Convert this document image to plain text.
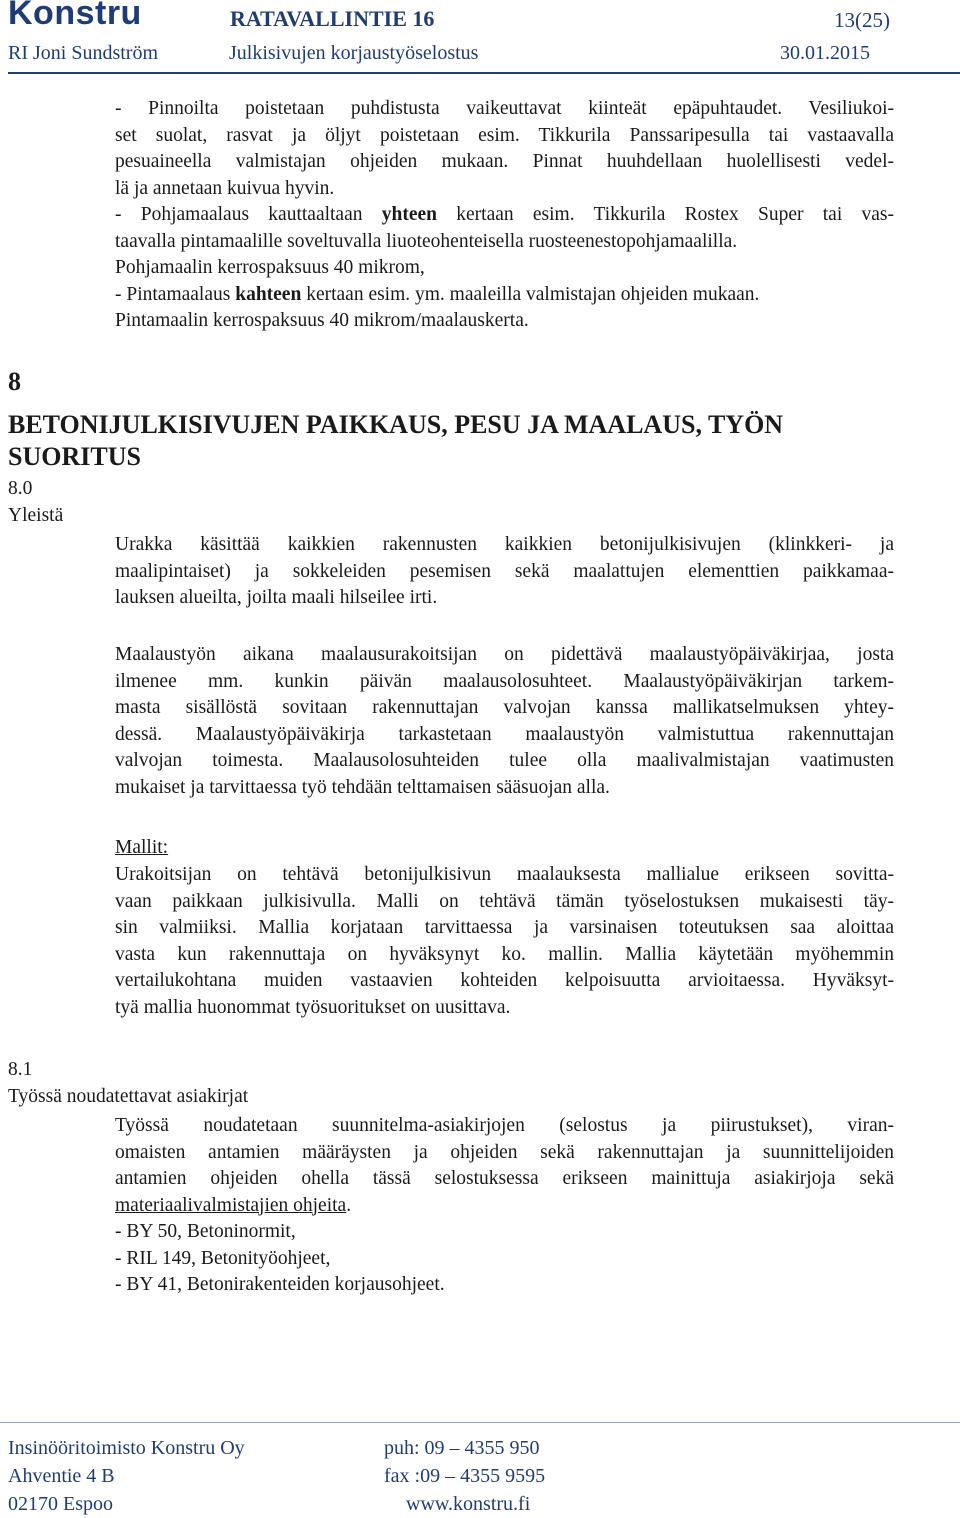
Konstru	RATAVALLINTIE 16	13(25)
RI Joni Sundström	Julkisivujen korjaustyöselostus	30.01.2015
- Pinnoilta poistetaan puhdistusta vaikeuttavat kiinteät epäpuhtaudet. Vesiliukoi-
set suolat, rasvat ja öljyt poistetaan esim. Tikkurila Panssaripesulla tai vastaavalla
pesuaineella valmistajan ohjeiden mukaan. Pinnat huuhdellaan huolellisesti vedel-
lä ja annetaan kuivua hyvin.
- Pohjamaalaus kauttaaltaan yhteen kertaan esim. Tikkurila Rostex Super tai vas-
taavalla pintamaalille soveltuvalla liuoteohenteisella ruosteenestopohjamaalilla.
Pohjamaalin kerrospaksuus 40 mikrom,
- Pintamaalaus kahteen kertaan esim. ym. maaleilla valmistajan ohjeiden mukaan.
Pintamaalin kerrospaksuus 40 mikrom/maalauskerta.
8
BETONIJULKISIVUJEN PAIKKAUS, PESU JA MAALAUS, TYÖN SUORITUS
8.0
Yleistä
Urakka käsittää kaikkien rakennusten kaikkien betonijulkisivujen (klinkkeri- ja
maalipintaiset) ja sokkeleiden pesemisen sekä maalattujen elementtien paikkamaa-
lauksen alueilta, joilta maali hilseilee irti.
Maalaustyön aikana maalausurakoitsijan on pidettävä maalaustyöpäiväkirjaa, josta
ilmenee mm. kunkin päivän maalausolosuhteet. Maalaustyöpäiväkirjan tarkem-
masta sisällöstä sovitaan rakennuttajan valvojan kanssa mallikatselmuksen yhtey-
dessä. Maalaustyöpäiväkirja tarkastetaan maalaustyön valmistuttua rakennuttajan
valvojan toimesta. Maalausolosuhteiden tulee olla maalivalmistajan vaatimusten
mukaiset ja tarvittaessa työ tehdään telttamaisen sääsuojan alla.
Mallit:
Urakoitsijan on tehtävä betonijulkisivun maalauksesta mallialue erikseen sovitta-
vaan paikkaan julkisivulla. Malli on tehtävä tämän työselostuksen mukaisesti täy-
sin valmiiksi. Mallia korjataan tarvittaessa ja varsinaisen toteutuksen saa aloittaa
vasta kun rakennuttaja on hyväksynyt ko. mallin. Mallia käytetään myöhemmin
vertailukohtana muiden vastaavien kohteiden kelpoisuutta arvioitaessa. Hyväksyt-
tyä mallia huonommat työsuoritukset on uusittava.
8.1
Työssä noudatettavat asiakirjat
Työssä noudatetaan suunnitelma-asiakirjojen (selostus ja piirustukset), viran-
omaisten antamien määräysten ja ohjeiden sekä rakennuttajan ja suunnittelijoiden
antamien ohjeiden ohella tässä selostuksessa erikseen mainittuja asiakirjoja sekä
materiaalivalmistajien ohjeita.
- BY 50, Betoninormit,
- RIL 149, Betonityöohjeet,
- BY 41, Betonirakenteiden korjausohjeet.
Insinööritoimisto Konstru Oy
Ahventie 4 B
02170 Espoo
puh: 09 – 4355 950
fax :09 – 4355 9595
www.konstru.fi
